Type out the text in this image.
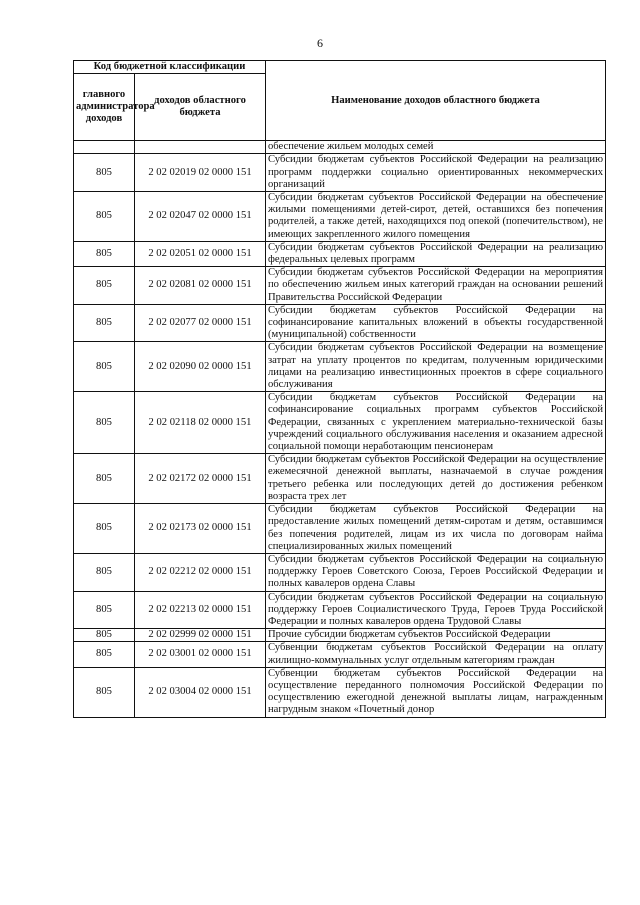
6
Код бюджетной классификации		Наименование доходов областного бюджета
главного администратора доходов	доходов областного бюджета	
		обеспечение жильем молодых семей
805	2 02 02019 02 0000 151	Субсидии бюджетам субъектов Российской Федерации на реализацию программ поддержки социально ориентированных некоммерческих организаций
805	2 02 02047 02 0000 151	Субсидии бюджетам субъектов Российской Федерации на обеспечение жилыми помещениями детей-сирот, детей, оставшихся без попечения родителей, а также детей, находящихся под опекой (попечительством), не имеющих закрепленного жилого помещения
805	2 02 02051 02 0000 151	Субсидии бюджетам субъектов Российской Федерации на реализацию федеральных целевых программ
805	2 02 02081 02 0000 151	Субсидии бюджетам субъектов Российской Федерации на мероприятия по обеспечению жильем иных категорий граждан на основании решений Правительства Российской Федерации
805	2 02 02077 02 0000 151	Субсидии бюджетам субъектов Российской Федерации на софинансирование капитальных вложений в объекты государственной (муниципальной) собственности
805	2 02 02090 02 0000 151	Субсидии бюджетам субъектов Российской Федерации на возмещение затрат на уплату процентов по кредитам, полученным юридическими лицами на реализацию инвестиционных проектов в сфере социального обслуживания
805	2 02 02118 02 0000 151	Субсидии бюджетам субъектов Российской Федерации на софинансирование социальных программ субъектов Российской Федерации, связанных с укреплением материально-технической базы учреждений социального обслуживания населения и оказанием адресной социальной помощи неработающим пенсионерам
805	2 02 02172 02 0000 151	Субсидии бюджетам субъектов Российской Федерации на осуществление ежемесячной денежной выплаты, назначаемой в случае рождения третьего ребенка или последующих детей до достижения ребенком возраста трех лет
805	2 02 02173 02 0000 151	Субсидии бюджетам субъектов Российской Федерации на предоставление жилых помещений детям-сиротам и детям, оставшимся без попечения родителей, лицам из их числа по договорам найма специализированных жилых помещений
805	2 02 02212 02 0000 151	Субсидии бюджетам субъектов Российской Федерации на социальную поддержку Героев Советского Союза, Героев Российской Федерации и полных кавалеров ордена Славы
805	2 02 02213 02 0000 151	Субсидии бюджетам субъектов Российской Федерации на социальную поддержку Героев Социалистического Труда, Героев Труда Российской Федерации и полных кавалеров ордена Трудовой Славы
805	2 02 02999 02 0000 151	Прочие субсидии бюджетам субъектов Российской Федерации
805	2 02 03001 02 0000 151	Субвенции бюджетам субъектов Российской Федерации на оплату жилищно-коммунальных услуг отдельным категориям граждан
805	2 02 03004 02 0000 151	Субвенции бюджетам субъектов Российской Федерации на осуществление переданного полномочия Российской Федерации по осуществлению ежегодной денежной выплаты лицам, награжденным нагрудным знаком «Почетный донор
